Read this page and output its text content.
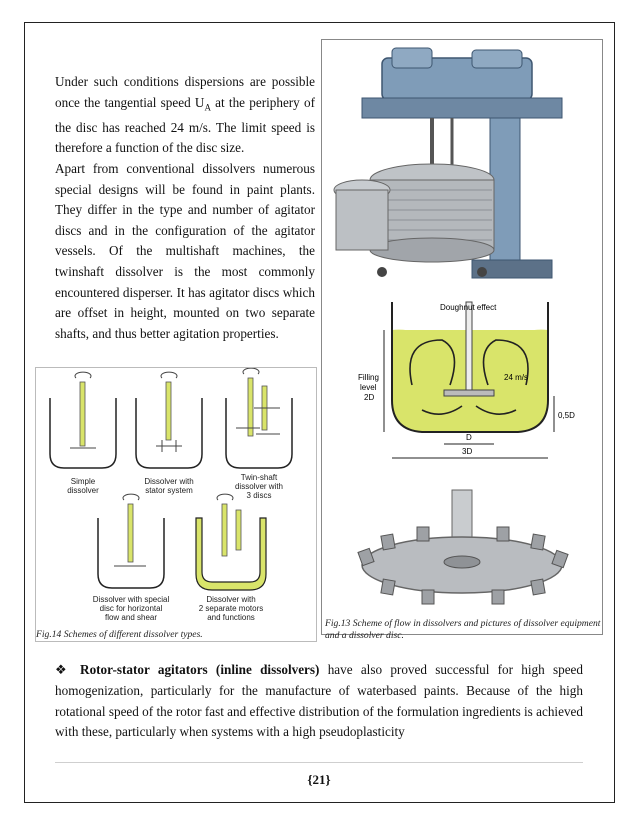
Under such conditions dispersions are possible once the tangential speed $U_A$ at the periphery of the disc has reached 24 m/s. The limit speed is therefore a function of the disc size.

Apart from conventional dissolvers numerous special designs will be found in paint plants. They differ in the type and number of agitator discs and in the configuration of the agitator vessels. Of the multishaft machines, the twinshaft dissolver is the most commonly encountered disperser. It has agitator discs which are offset in height, mounted on two separate shafts, and thus better agitation properties.

Doughnut effect
24 m/s
Filling
level
2D
0,5D
D
3D
Simple
dissolver
Dissolver with
stator system
Twin-shaft
dissolver with
3 discs
Dissolver with special
disc for horizontal
flow and shear
Dissolver with
2 separate motors
and functions
Fig.14 Schemes of different dissolver types.
Fig.13 Scheme of flow in dissolvers and pictures of dissolver equipment and a dissolver disc.

❖ Rotor-stator agitators (inline dissolvers) have also proved successful for high speed homogenization, particularly for the manufacture of waterbased paints. Because of the high rotational speed of the rotor fast and effective distribution of the formulation ingredients is achieved with these, particularly when systems with a high pseudoplasticity

{21}
